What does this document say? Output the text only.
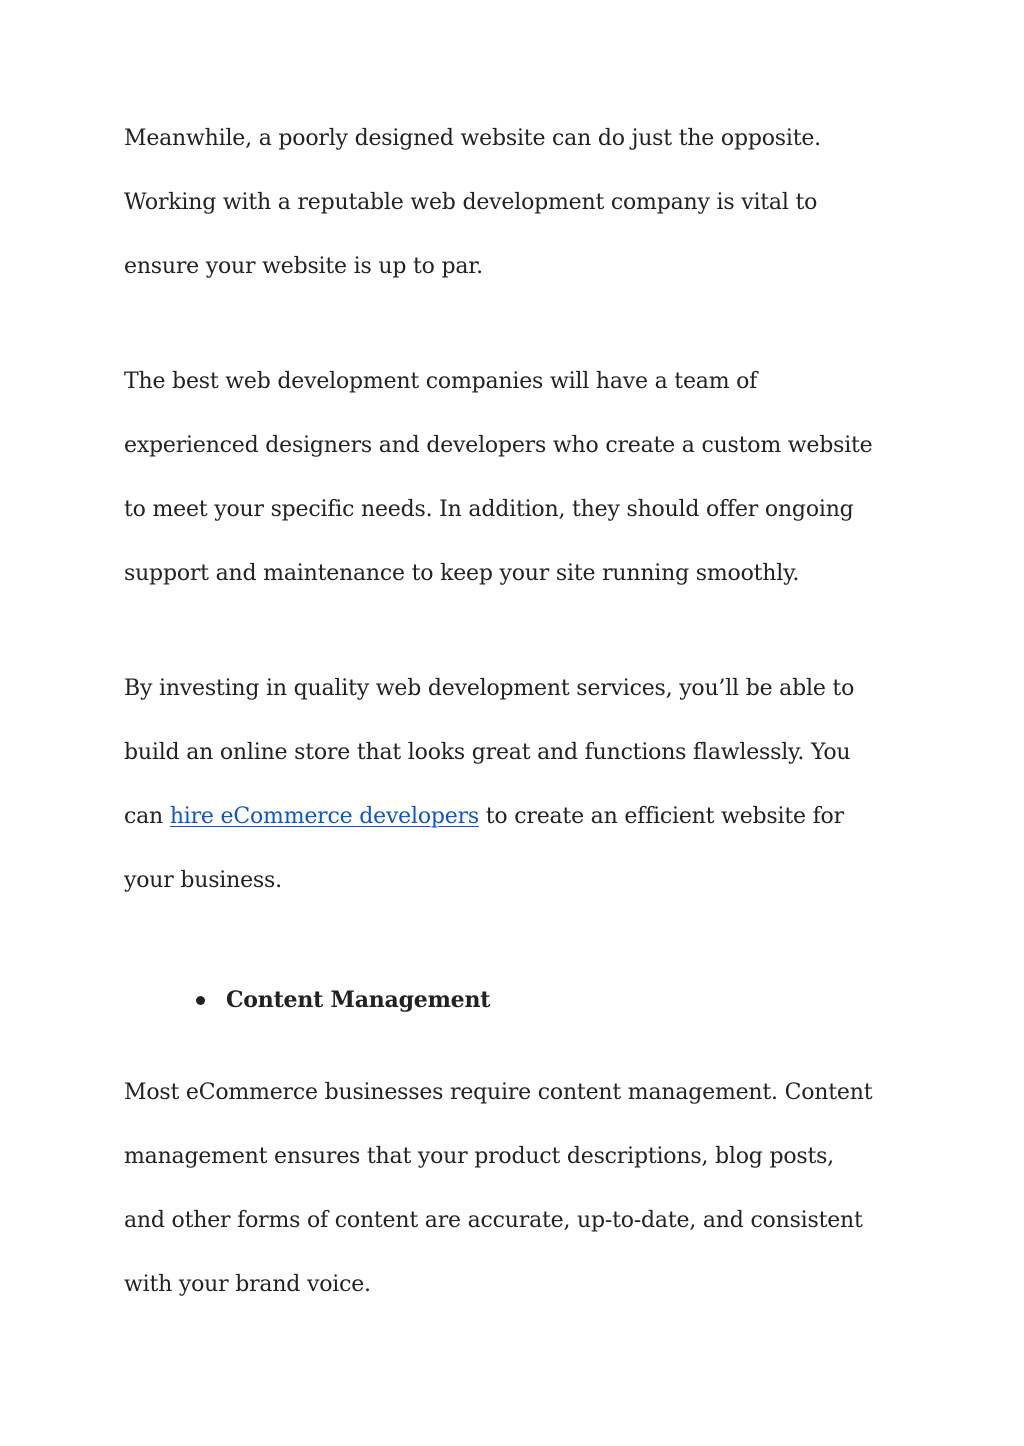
Meanwhile, a poorly designed website can do just the opposite.
Working with a reputable web development company is vital to
ensure your website is up to par.

The best web development companies will have a team of
experienced designers and developers who create a custom website
to meet your specific needs. In addition, they should offer ongoing
support and maintenance to keep your site running smoothly.

By investing in quality web development services, you’ll be able to
build an online store that looks great and functions flawlessly. You
can hire eCommerce developers to create an efficient website for
your business.

Content Management

Most eCommerce businesses require content management. Content
management ensures that your product descriptions, blog posts,
and other forms of content are accurate, up-to-date, and consistent
with your brand voice.
